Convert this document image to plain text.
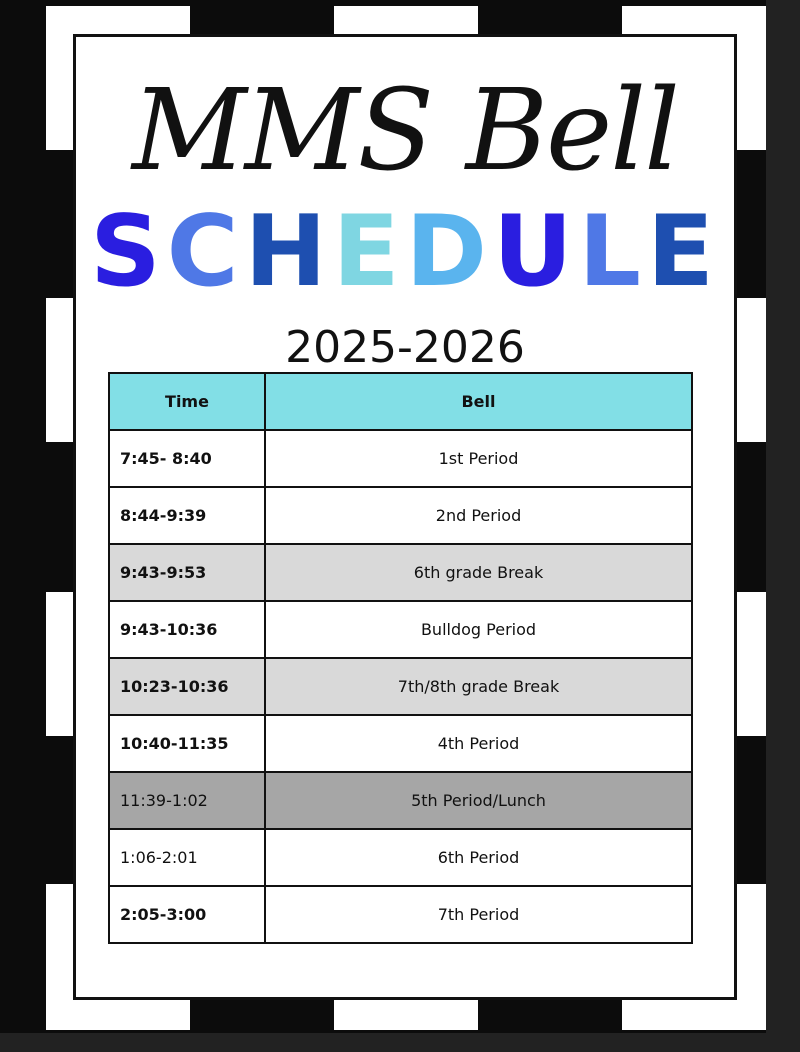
MMS Bell
SCHEDULE
2025-2026
Time	Bell
7:45- 8:40	1st Period
8:44-9:39	2nd Period
9:43-9:53	6th grade Break
9:43-10:36	Bulldog Period
10:23-10:36	7th/8th grade Break
10:40-11:35	4th Period
11:39-1:02	5th Period/Lunch
1:06-2:01	6th Period
2:05-3:00	7th Period
